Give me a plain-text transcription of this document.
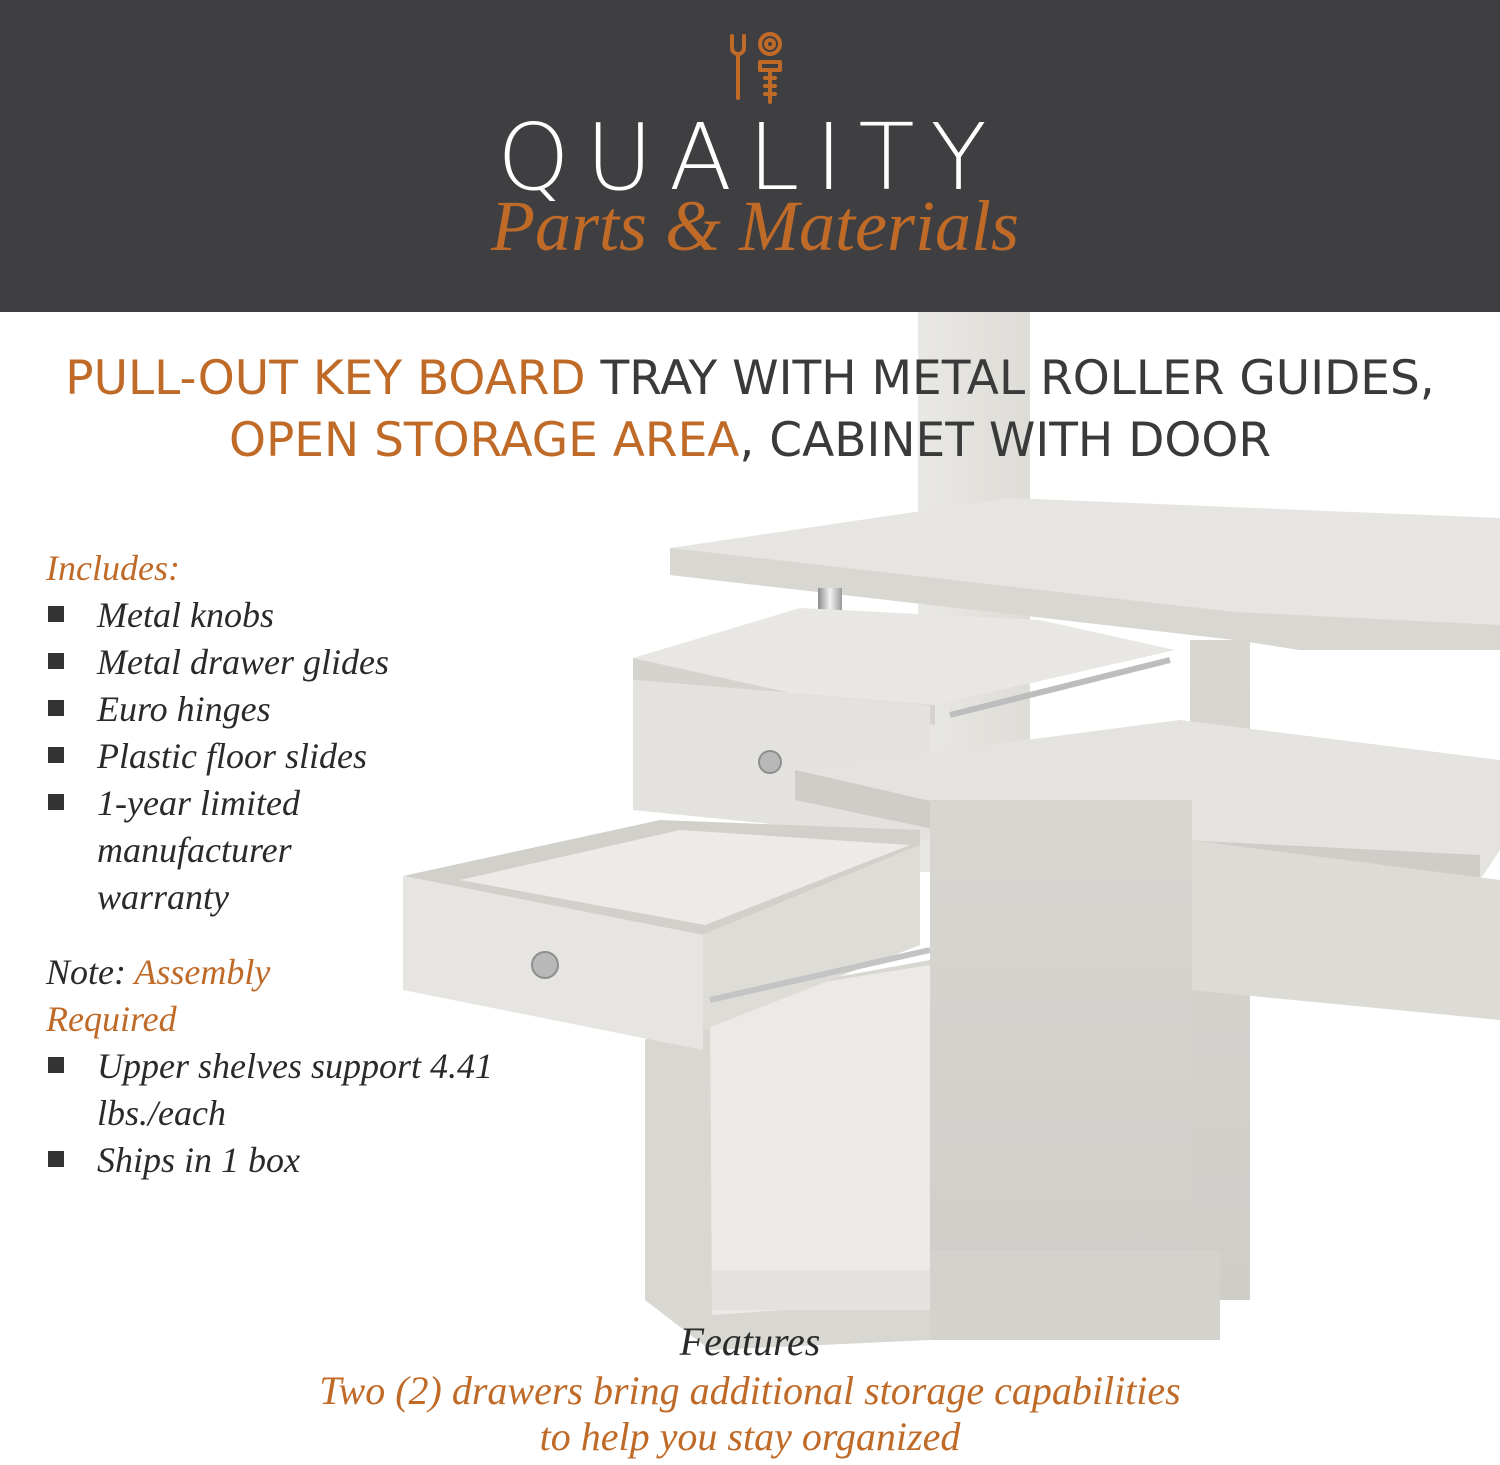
QUALITY
Parts & Materials
PULL-OUT KEY BOARD TRAY WITH METAL ROLLER GUIDES,
OPEN STORAGE AREA, CABINET WITH DOOR
Includes:
Metal knobs
Metal drawer glides
Euro hinges
Plastic floor slides
1-year limited manufacturer warranty
Note: Assembly Required
Upper shelves support 4.41 lbs./each
Ships in 1 box
Features
Two (2) drawers bring additional storage capabilities
to help you stay organized
